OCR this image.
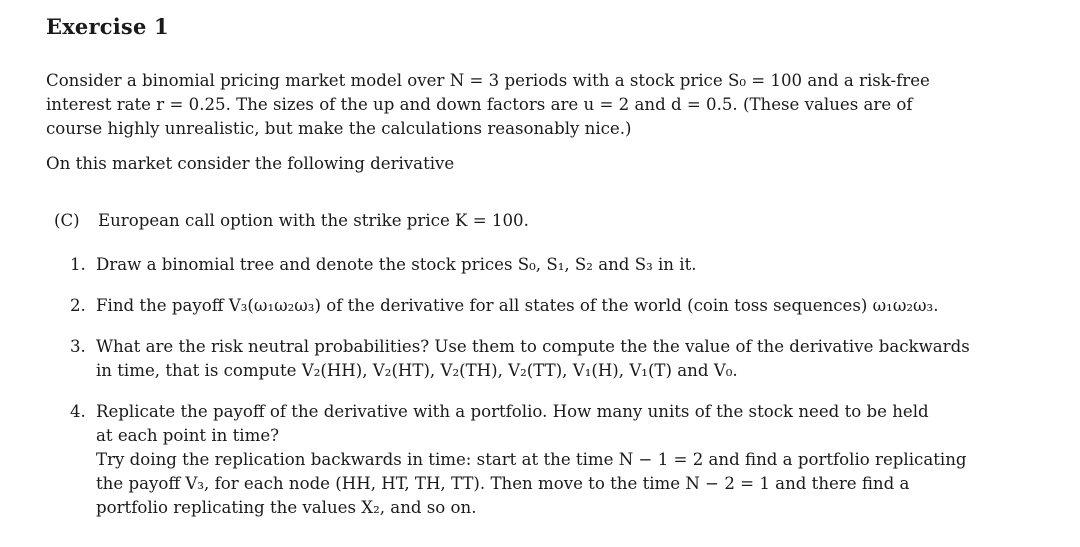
Exercise 1

Consider a binomial pricing market model over N = 3 periods with a stock price S₀ = 100 and a risk-free
interest rate r = 0.25. The sizes of the up and down factors are u = 2 and d = 0.5. (These values are of
course highly unrealistic, but make the calculations reasonably nice.)

On this market consider the following derivative

(C) European call option with the strike price K = 100.
1. Draw a binomial tree and denote the stock prices S₀, S₁, S₂ and S₃ in it.
2. Find the payoff V₃(ω₁ω₂ω₃) of the derivative for all states of the world (coin toss sequences) ω₁ω₂ω₃.
3. What are the risk neutral probabilities? Use them to compute the the value of the derivative backwards
in time, that is compute V₂(HH), V₂(HT), V₂(TH), V₂(TT), V₁(H), V₁(T) and V₀.
4. Replicate the payoff of the derivative with a portfolio. How many units of the stock need to be held
at each point in time?
Try doing the replication backwards in time: start at the time N − 1 = 2 and find a portfolio replicating
the payoff V₃, for each node (HH, HT, TH, TT). Then move to the time N − 2 = 1 and there find a
portfolio replicating the values X₂, and so on.
